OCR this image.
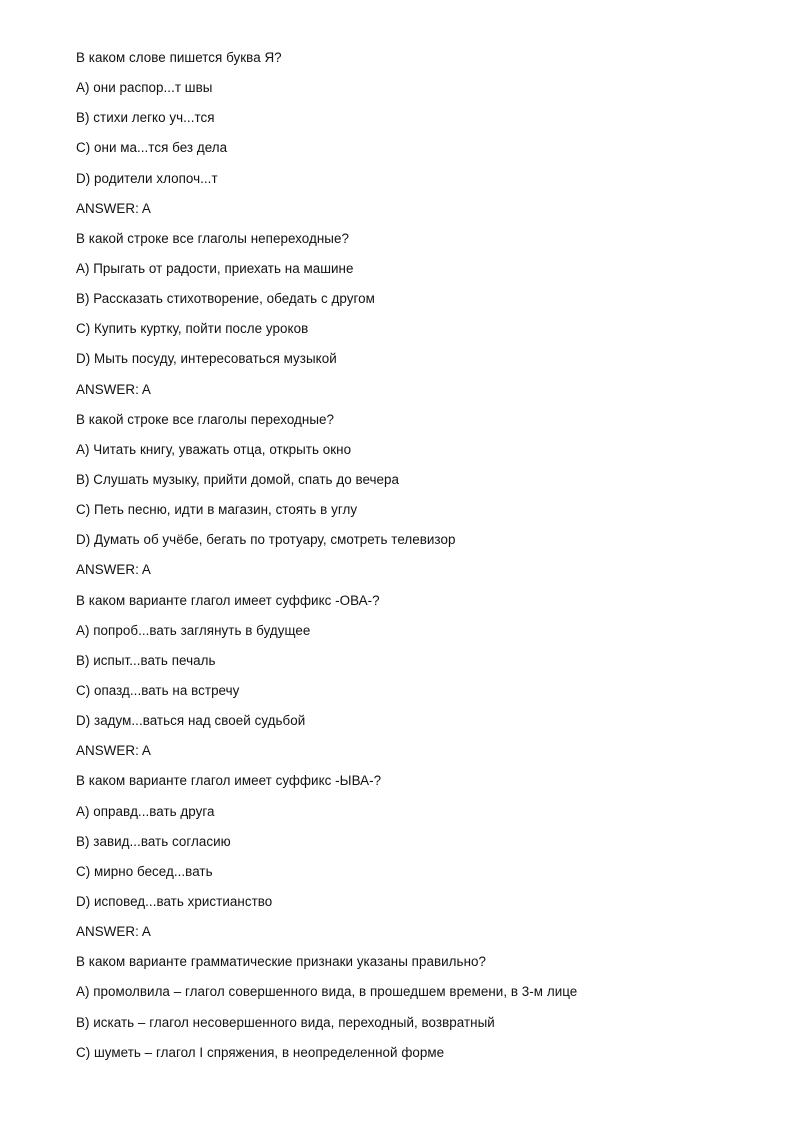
В каком слове пишется буква Я?
A) они распор...т швы
B) стихи легко уч...тся
C) они ма...тся без дела
D) родители хлопоч...т
ANSWER: A
В какой строке все глаголы непереходные?
A) Прыгать от радости, приехать на машине
B) Рассказать стихотворение, обедать с другом
C) Купить куртку, пойти после уроков
D) Мыть посуду, интересоваться музыкой
ANSWER: A
В какой строке все глаголы переходные?
A) Читать книгу, уважать отца, открыть окно
B) Слушать музыку, прийти домой, спать до вечера
C) Петь песню, идти в магазин, стоять в углу
D) Думать об учёбе, бегать по тротуару, смотреть телевизор
ANSWER: A
В каком варианте глагол имеет суффикс -ОВА-?
A) попроб...вать заглянуть в будущее
B) испыт...вать печаль
C) опазд...вать на встречу
D) задум...ваться над своей судьбой
ANSWER: A
В каком варианте глагол имеет суффикс -ЫВА-?
A) оправд...вать друга
B) завид...вать согласию
C) мирно бесед...вать
D) исповед...вать христианство
ANSWER: A
В каком варианте грамматические признаки указаны правильно?
A) промолвила – глагол совершенного вида, в прошедшем времени, в 3-м лице
B) искать – глагол несовершенного вида, переходный, возвратный
C) шуметь – глагол I спряжения, в неопределенной форме
